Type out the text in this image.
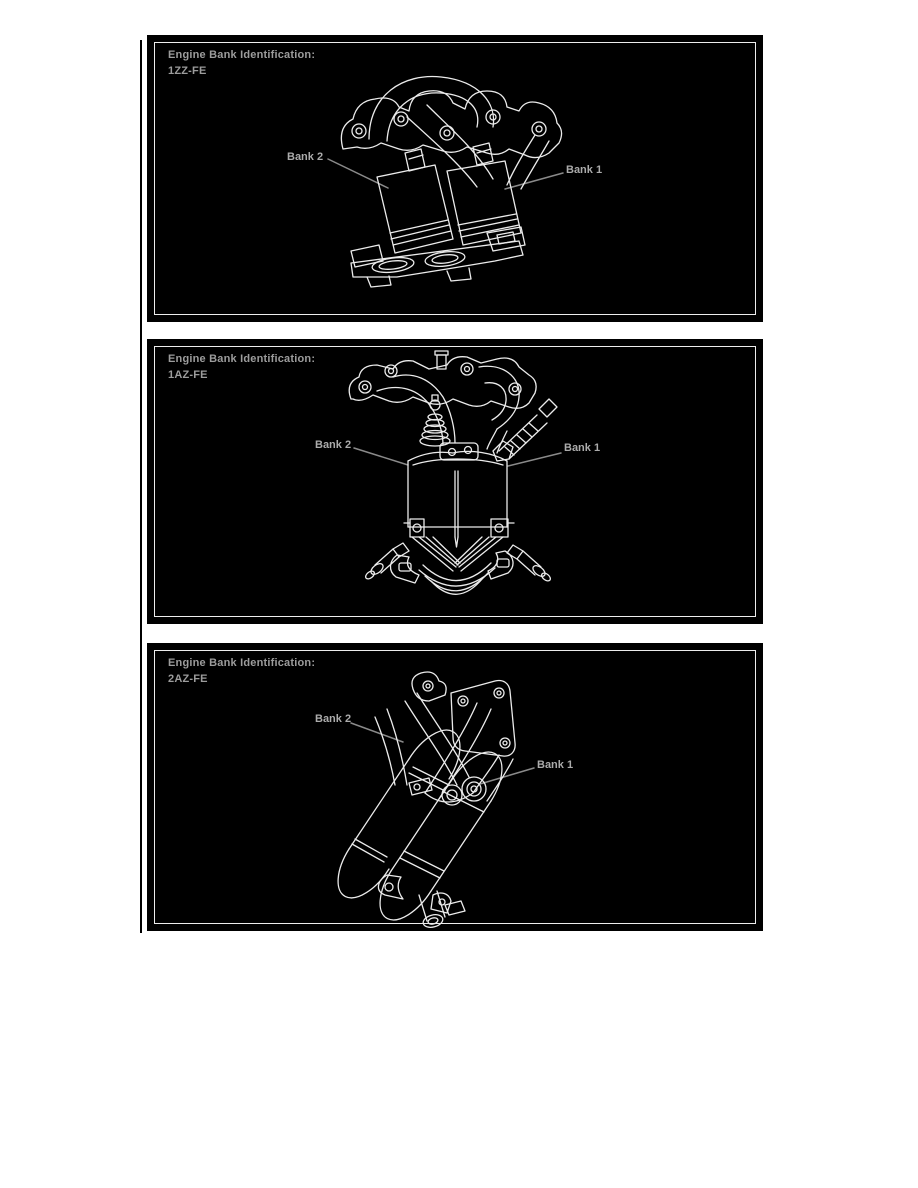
Engine Bank Identification:
1ZZ-FE
Bank 2
Bank 1
Engine Bank Identification:
1AZ-FE
Bank 2	Bank 1
Engine Bank Identification:
2AZ-FE
Bank 2
Bank 1
